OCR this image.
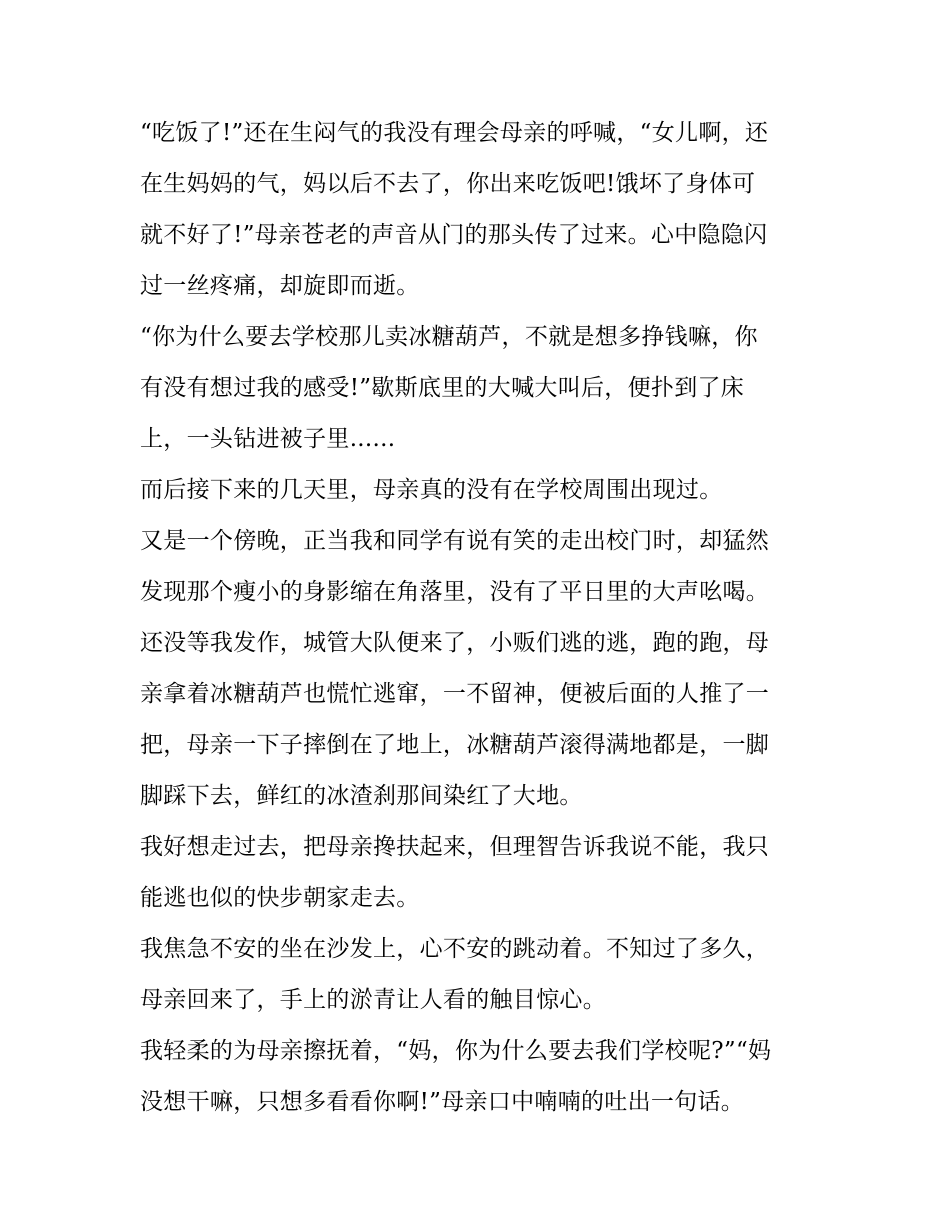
“吃饭了!”还在生闷气的我没有理会母亲的呼喊，“女儿啊，还
在生妈妈的气，妈以后不去了，你出来吃饭吧!饿坏了身体可
就不好了!”母亲苍老的声音从门的那头传了过来。心中隐隐闪
过一丝疼痛，却旋即而逝。
“你为什么要去学校那儿卖冰糖葫芦，不就是想多挣钱嘛，你
有没有想过我的感受!”歇斯底里的大喊大叫后，便扑到了床
上，一头钻进被子里......
而后接下来的几天里，母亲真的没有在学校周围出现过。
又是一个傍晚，正当我和同学有说有笑的走出校门时，却猛然
发现那个瘦小的身影缩在角落里，没有了平日里的大声吆喝。
还没等我发作，城管大队便来了，小贩们逃的逃，跑的跑，母
亲拿着冰糖葫芦也慌忙逃窜，一不留神，便被后面的人推了一
把，母亲一下子摔倒在了地上，冰糖葫芦滚得满地都是，一脚
脚踩下去，鲜红的冰渣刹那间染红了大地。
我好想走过去，把母亲搀扶起来，但理智告诉我说不能，我只
能逃也似的快步朝家走去。
我焦急不安的坐在沙发上，心不安的跳动着。不知过了多久，
母亲回来了，手上的淤青让人看的触目惊心。
我轻柔的为母亲擦抚着，“妈，你为什么要去我们学校呢?”“妈
没想干嘛，只想多看看你啊!”母亲口中喃喃的吐出一句话。
